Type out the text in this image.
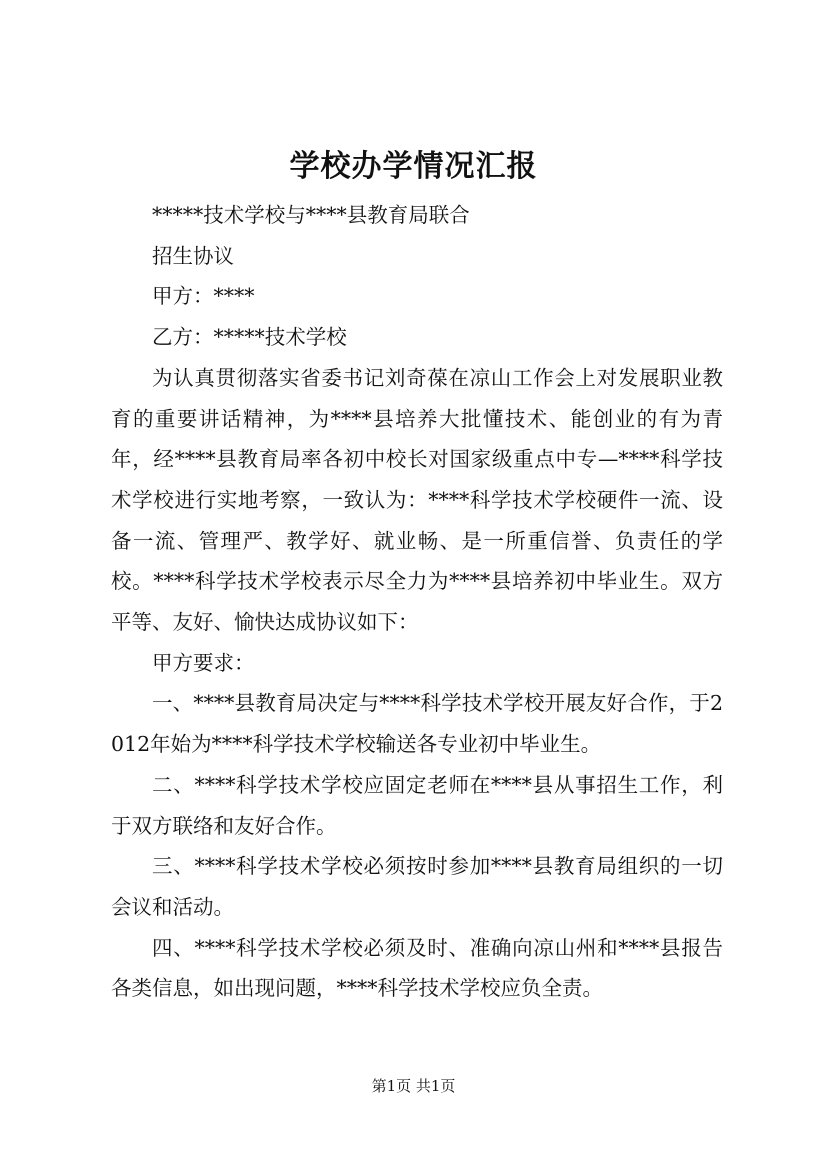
学校办学情况汇报

*****技术学校与****县教育局联合

招生协议

甲方：****

乙方：*****技术学校

为认真贯彻落实省委书记刘奇葆在凉山工作会上对发展职业教育的重要讲话精神，为****县培养大批懂技术、能创业的有为青年，经****县教育局率各初中校长对国家级重点中专—****科学技术学校进行实地考察，一致认为：****科学技术学校硬件一流、设备一流、管理严、教学好、就业畅、是一所重信誉、负责任的学校。****科学技术学校表示尽全力为****县培养初中毕业生。双方平等、友好、愉快达成协议如下：

甲方要求：

一、****县教育局决定与****科学技术学校开展友好合作，于2012年始为****科学技术学校输送各专业初中毕业生。

二、****科学技术学校应固定老师在****县从事招生工作，利于双方联络和友好合作。

三、****科学技术学校必须按时参加****县教育局组织的一切会议和活动。

四、****科学技术学校必须及时、准确向凉山州和****县报告各类信息，如出现问题，****科学技术学校应负全责。

第1页 共1页
